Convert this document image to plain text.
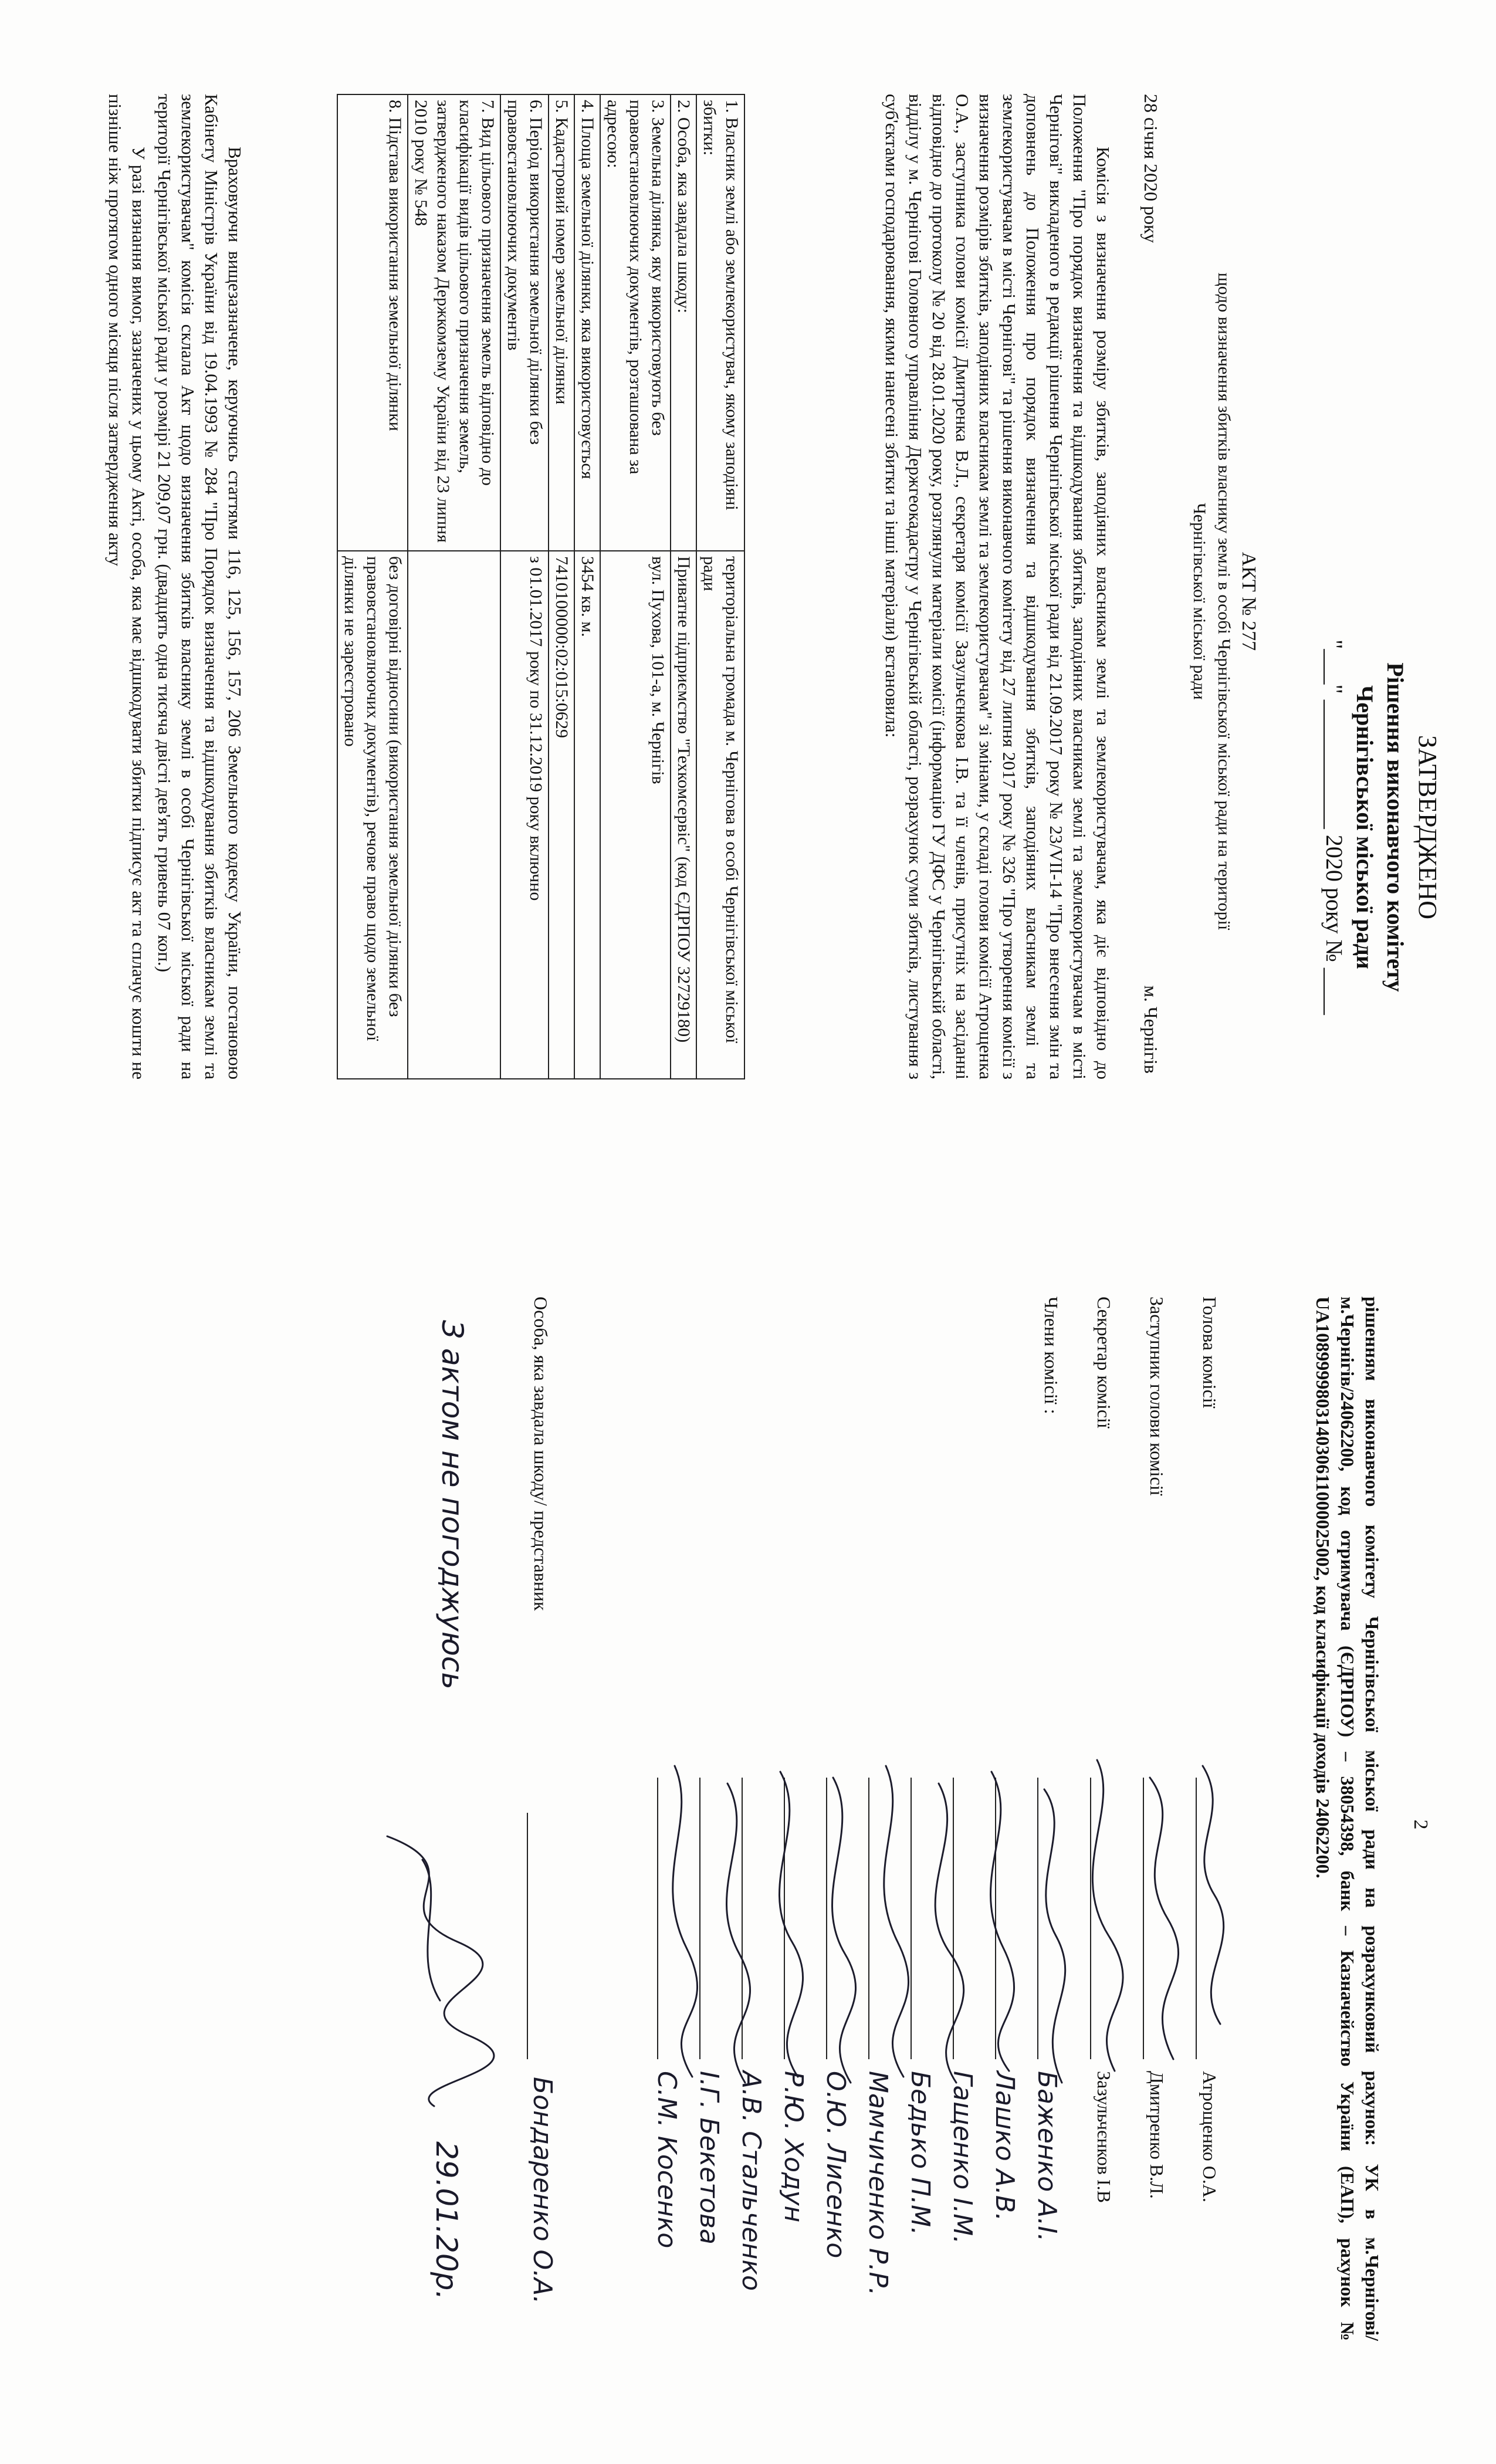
ЗАТВЕРДЖЕНО
Рішення виконавчого комітету
Чернігівської міської ради
"___" ___________ 2020 року № ____
АКТ № 277
щодо визначення збитків власнику землі в особі Чернігівської міської ради на території
Чернігівської міської ради
28 січня 2020 року
м. Чернігів

Комісія з визначення розміру збитків, заподіяних власникам землі та землекористувачам, яка діє відповідно до Положення "Про порядок визначення та відшкодування збитків, заподіяних власникам землі та землекористувачам в місті Чернігові" викладеного в редакції рішення Чернігівської міської ради від 21.09.2017 року № 23/VII-14 "Про внесення змін та доповнень до Положення про порядок визначення та відшкодування збитків, заподіяних власникам землі та землекористувачам в місті Чернігові" та рішення виконавчого комітету від 27 липня 2017 року № 326 "Про утворення комісії з визначення розмірів збитків, заподіяних власникам землі та землекористувачам" зі змінами, у складі голови комісії Атрощенка О.А., заступника голови комісії Дмитренка В.Л., секретаря комісії Зазульчєнкова І.В. та її членів, присутніх на засіданні відповідно до протоколу № 20 від 28.01.2020 року, розглянули матеріали комісії (інформацію ГУ ДФС у Чернігівській області, відділу у м. Чернігові Головного управління Держгеокадастру у Чернігівській області, розрахунок суми збитків, листування з суб'єктами господарювання, якими нанесені збитки та інші матеріали) встановила:

1. Власник землі або землекористувач, якому заподіяні збитки:	територіальна громада м. Чернігова в особі Чернігівської міської ради
2. Особа, яка завдала шкоду:	Приватне підприємство "Техкомсервіс" (код ЄДРПОУ 32729180)
3. Земельна ділянка, яку використовують без правовстановлюючих документів, розташована за адресою:	вул. Пухова, 101-а, м. Чернігів
4. Площа земельної ділянки, яка використовується	3454 кв. м.
5. Кадастровий номер земельної ділянки	7410100000:02:015:0629
6. Період використання земельної ділянки без правовстановлюючих документів	з 01.01.2017 року по 31.12.2019 року включно
7. Вид цільового призначення земель відповідно до класифікації видів цільового призначення земель, затвердженого наказом Держкомзему України від 23 липня 2010 року № 548	
8. Підстава використання земельної ділянки	без договірні відносини (використання земельної ділянки без правовстановлюючих документів), речове право щодо земельної ділянки не зареєстровано

Враховуючи вищезазначене, керуючись статтями 116, 125, 156, 157, 206 Земельного кодексу України, постановою Кабінету Міністрів України від 19.04.1993 № 284 "Про Порядок визначення та відшкодування збитків власникам землі та землекористувачам" комісія склала Акт щодо визначення збитків власнику землі в особі Чернігівської міської ради на території Чернігівської міської ради у розмірі 21 209,07 грн. (двадцять одна тисяча двісті дев'ять гривень 07 коп.)

У разі визнання вимог, зазначених у цьому Акті, особа, яка має відшкодувати збитки підписує акт та сплачує кошти не пізніше ніж протягом одного місяця після затвердження акту

2
рішенням виконавчого комітету Чернігівської міської ради на розрахунковий рахунок: УК в м.Чернігові/м.Чернігів/24062200, код отримувача (ЄДРПОУ) – 38054398, банк – Казначейство України (ЕАП), рахунок № UA108999980314030611000025002, код класифікації доходів 24062200.
Голова комісії
Атрощенко О.А.
Заступник голови комісії
Дмитренко В.Л.
Секретар комісії
Зазульчєнков І.В
Члени комісії :
Баженко А.І.
Лашко А.В.
Гащенко І.М.
Бедько П.М.
Мамчиченко Р.Р.
О.Ю. Лисенко
Р.Ю. Ходун
А.В. Стальченко
І.Г. Бекетова
С.М. Косенко
Особа, яка завдала шкоду/ представник
Бондаренко О.А.
З актом не погоджуюсь
29.01.20р.
